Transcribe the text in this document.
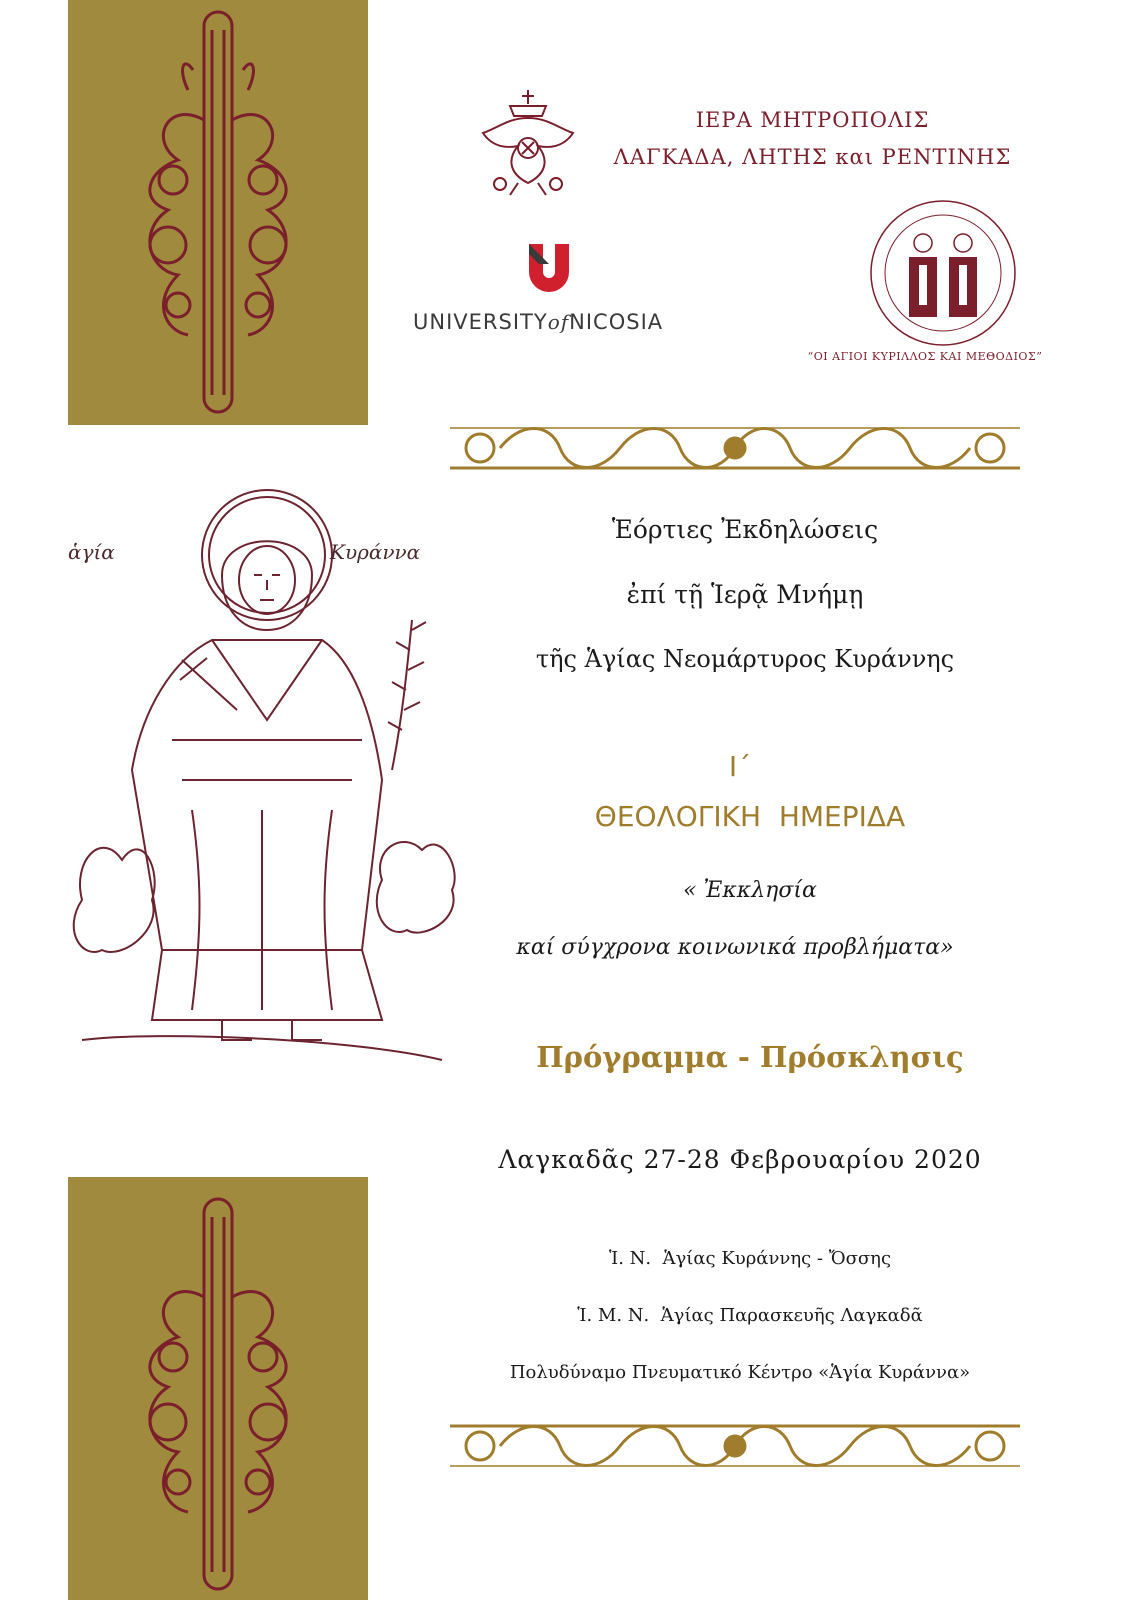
ΙΕΡΑ ΜΗΤΡΟΠΟΛΙΣ
ΛΑΓΚΑΔΑ, ΛΗΤΗΣ και ΡΕΝΤΙΝΗΣ
UNIVERSITYofNICOSIA
“ΟΙ ΑΓΙΟΙ ΚΥΡΙΛΛΟΣ ΚΑΙ ΜΕΘΟΔΙΟΣ”
ἁγία	Κυράννα
Ἑόρτιες Ἐκδηλώσεις
ἐπί τῇ Ἱερᾷ Μνήμῃ
τῆς Ἁγίας Νεομάρτυρος Κυράννης
Ι΄
ΘΕΟΛΟΓΙΚΗ  ΗΜΕΡΙΔΑ
« Ἐκκλησία
καί σύγχρονα κοινωνικά προβλήματα»
Πρόγραμμα - Πρόσκλησις
Λαγκαδᾶς 27-28 Φεβρουαρίου 2020
Ἱ. Ν.  Ἁγίας Κυράννης - Ὄσσης
Ἱ. Μ. Ν.  Ἁγίας Παρασκευῆς Λαγκαδᾶ
Πολυδύναμο Πνευματικό Κέντρο «Ἁγία Κυράννα»
